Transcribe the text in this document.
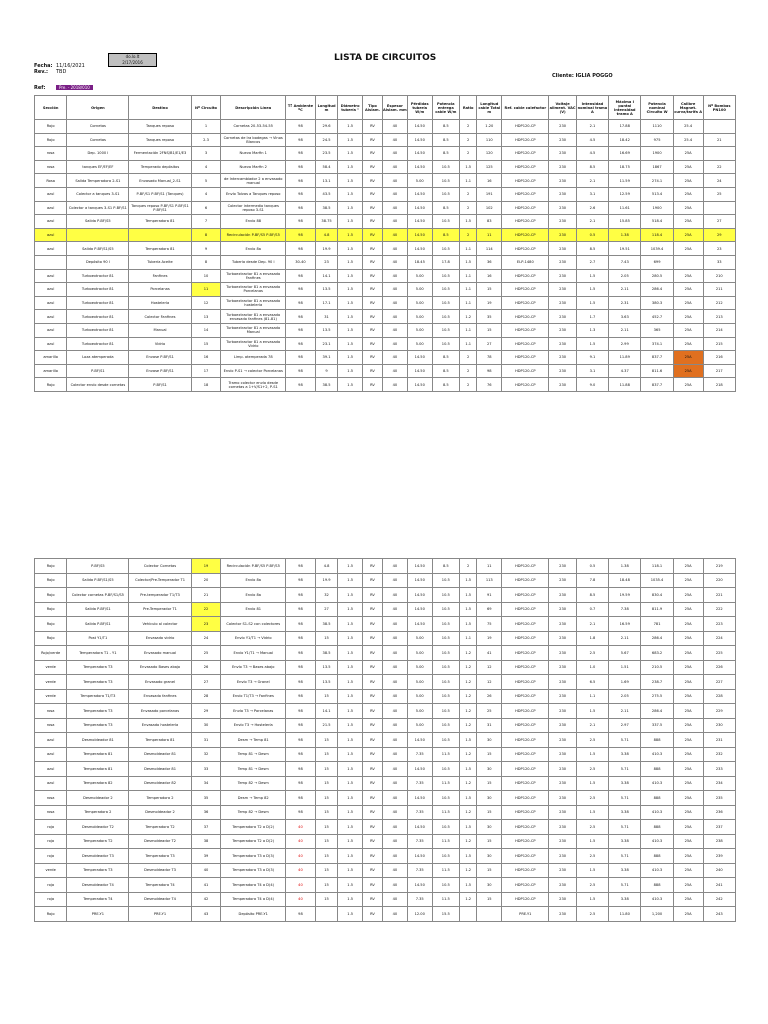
LISTA DE CIRCUITOS
do.lo.lt
2/17/2016
Fecha: 11/16/2021
Rev.: TBD
Cliente: IGLIA POGGO
Ref:	Pre. - 2018/010
Sección	Origen	Destino	Nº Circuito	Descripción Línea	Tª Ambiente ºC	Longitud m	Diámetro tubería "	Tipo Aislam.	Espesor Aislam. mm	Pérdidas tubería W/m	Potencia entrega cable W/m	Ratio	Longitud cable Total m	Ref. cable calefactor	Voltaje aliment. VAC (V)	Intensidad nominal tramo A	Máxima I puntal intensidad tramo A	Potencia nominal Circuito W	Calibre Magnet. curva/tarifa A	Nº Bombas PN100
Rojo	Cornetas	Tanques reposo	1	Cornetas 20-53-54-55	98	29.6	1.5	RV	40	14.50	8.5	2	1.20	HDP120-CP	230	2.1	17.88	1110	25.4	
Rojo	Cornetas	Tanques reposo	2.3	Cornetas de Ira bodegas → Vinos Blancos	98	24.5	1.5	RV	40	14.50	8.5	2	110	HDP120-CP	230	4.5	18.42	975	25.4	21
rosa	Dep. 1000 l	Fermentación 2FNS/B1/E1/E3	3	Nuevo Marfin 1	98	23.5	1.5	RV	40	14.50	8.5	2	120	HDP120-CP	230	4.5	16.69	1900	25A	
rosa	tanques EF/EF/EF	Temperado depósitos	4	Nuevo Marfin 2	98	58.4	1.5	RV	40	14.50	10.5	1.5	125	HDP120-CP	230	8.5	18.75	1867	25A	22
Rosa	Salida Temperadora 2-S1	Envasado Manual_2-S1	5	de Intercambiador 2 a envasado manual	98	13.1	1.5	RV	40	5.00	10.5	1.1	16	HDP120-CP	230	2.1	11.59	274.1	25A	24
azul	Colector a tanques 3-S1	P-BF/S1 P-BF/S1 (Tanques)	4	Envío Tolvas a Tanques reposo	98	43.5	1.5	RV	40	14.50	10.5	2	191	HDP120-CP	230	3.1	12.59	513.4	25A	25
azul	Colector a tanques 3-S1 P-BF/S1	Tanques reposo P-BF/S1 P-BF/S1 P-BF/S1	6	Colector intermedio tanques reposo 3-S1	98	38.5	1.5	RV	40	14.50	8.5	2	102	HDP120-CP	230	2.6	11.61	1900	25A	
azul	Salida P-BF/S5	Temperadora 81	7	Envío 88	98	38.75	1.5	RV	40	14.50	10.5	1.5	83	HDP120-CP	230	2.1	15.85	518.4	25A	27
azul			8	Recirculación P-BF/S5 P-BF/S5	98	4.8	1.5	RV	40	14.50	8.5	2	11	HDP120-CP	230	0.5	1.38	118.4	25A	29
azul	Salida P-BF/S1/S5	Temperadora 81	9	Envío 8a	98	19.9	1.5	RV	40	14.50	10.5	1.1	114	HDP120-CP	230	8.5	19.51	1039.4	25A	23
	Depósito 90 l	Tubería Aceite	8	Tubería desde Dep. 90 l	30-40	23	1.5	RV	40	18.45	17.8	1.5	36	ELP-1480	230	2.7	7.43	699		33
azul	Turboextractor 81	Fanfines	10	Turboextractor 81 a envasado Fanfines	98	14.1	1.5	RV	40	5.00	10.5	1.1	16	HDP120-CP	230	1.5	2.05	280.5	25A	210
azul	Turboextractor 81	Porcelanas	11	Turboextractor 81 a envasado Porcelanas	98	13.5	1.5	RV	40	5.00	10.5	1.1	15	HDP120-CP	230	1.5	2.11	286.4	25A	211
azul	Turboextractor 81	Hostelería	12	Turboextractor 81 a envasado hostelería	98	17.1	1.5	RV	40	5.00	10.5	1.1	19	HDP120-CP	230	1.5	2.31	380.3	25A	212
azul	Turboextractor 81	Colector Fanfines	13	Turboextractor 81 a envasado envasado fanfines (81-81)	98	31	1.5	RV	40	5.00	10.5	1.2	35	HDP120-CP	230	1.7	3.63	452.7	25A	213
azul	Turboextractor 81	Manual	14	Turboextractor 81 a envasado Manual	98	13.5	1.5	RV	40	5.00	10.5	1.1	15	HDP120-CP	230	1.3	2.11	365	25A	214
azul	Turboextractor 81	Vidrio	15	Turboextractor 81 a envasado Vidrio	98	23.1	1.5	RV	40	5.00	10.5	1.1	27	HDP120-CP	230	1.5	2.99	374.1	25A	215
amarillo	Loza atemperada	Envase P-BF/S1	16	Limp. atemperada 78	98	39.1	1.5	RV	40	14.50	8.5	2	78	HDP120-CP	230	9.1	11.89	837.7	25A	216
amarillo	P-BF/S1	Envase P-BF/S1	17	Envío P-S1 → colector Porcelanas	98	9	1.5	RV	40	14.50	8.5	2	98	HDP120-CP	230	3.1	4.37	811.6	25A	217
Rojo	Colector envío desde cornetas	P-BF/S1	18	Tramo colector envío desde cornetas a 1+V/S1+2, P-S1	98	38.5	1.5	RV	40	14.50	8.5	2	76	HDP120-CP	230	9.0	11.88	837.7	25A	218
Rojo	P-BF/S5	Colector Cornetas	19	Recirculación P-BF/S5 P-BF/S5	98	4.8	1.5	RV	40	14.50	8.5	2	11	HDP120-CP	230	0.5	1.38	118.1	25A	219
Rojo	Salida P-BF/S1/S5	Colector/Pre-Temperador T1	20	Envío 8a	98	19.9	1.5	RV	40	14.50	10.5	1.5	113	HDP120-CP	230	7.8	18.48	1035.4	25A	220
Rojo	Colector cornetas P-BF/S1/S5	Pre-temperador T1/T3	21	Envío 8a	98	32	1.5	RV	40	14.50	10.5	1.5	91	HDP120-CP	230	8.5	19.59	830.4	25A	221
Rojo	Salida P-BF/S1	Pre-Temperador T1	22	Envío 81	98	27	1.5	RV	40	14.50	10.5	1.5	69	HDP120-CP	230	0.7	7.38	811.9	25A	222
Rojo	Salida P-BF/S1	Vehículo al colector	23	Colector S1-S2 con colectores	98	38.5	1.5	RV	40	14.50	10.5	1.5	75	HDP120-CP	230	2.1	16.59	781	25A	223
Rojo	Post Y1/T1	Envasado vidrio	24	Envío Y1/T1 → Vidrio	98	15	1.5	RV	40	5.00	10.5	1.1	19	HDP120-CP	230	1.8	2.11	286.4	25A	224
Rojo/verde	Temperadora T1 - Y1	Envasado manual	25	Envío Y1/T1 → Manual	98	38.5	1.5	RV	40	5.00	10.5	1.2	41	HDP120-CP	230	2.5	5.67	683.2	25A	225
verde	Temperadora T3	Envasado Bases abajo	26	Envío T3 → Bases abajo	98	13.5	1.5	RV	40	5.00	10.5	1.2	12	HDP120-CP	230	1.0	1.51	210.5	25A	226
verde	Temperadora T3	Envasado granel	27	Envío T3 → Granel	98	13.5	1.5	RV	40	5.00	10.5	1.2	12	HDP120-CP	230	6.5	1.69	238.7	25A	227
verde	Temperadora T1/T3	Envasado fanfines	28	Envío T1/T3 → Fanfines	98	15	1.5	RV	40	5.00	10.5	1.2	26	HDP120-CP	230	1.1	2.05	275.5	25A	228
rosa	Temperadora T3	Envasado porcelanas	29	Envío T3 → Porcelanas	98	14.1	1.5	RV	40	5.00	10.5	1.2	25	HDP120-CP	230	1.5	2.11	286.4	25A	229
rosa	Temperadora T3	Envasado hostelería	30	Envío T3 → Hostelería	98	21.5	1.5	RV	40	5.00	10.5	1.2	31	HDP120-CP	230	2.1	2.97	337.5	25A	230
azul	Desmoldeador 81	Temperadora 81	31	Desm → Temp 81	98	15	1.5	RV	40	14.50	10.5	1.5	30	HDP120-CP	230	2.5	5.71	888	25A	231
azul	Temperadora 81	Desmoldeador 81	32	Temp 81 → Desm	98	15	1.5	RV	40	7.35	11.5	1.2	15	HDP120-CP	230	1.5	3.38	410.3	25A	232
azul	Temperadora 81	Desmoldeador 81	33	Temp 81 → Desm	98	15	1.5	RV	40	14.50	10.5	1.5	30	HDP120-CP	230	2.5	5.71	888	25A	233
azul	Temperadora 82	Desmoldeador 82	34	Temp 82 → Desm	98	15	1.5	RV	40	7.35	11.5	1.2	15	HDP120-CP	230	1.5	3.38	410.3	25A	234
rosa	Desmoldeador 2	Temperadora 2	35	Desm → Temp 82	98	15	1.5	RV	40	14.50	10.5	1.5	30	HDP120-CP	230	2.5	5.71	888	25A	235
rosa	Temperadora 2	Desmoldeador 2	36	Temp 82 → Desm	98	15	1.5	RV	40	7.35	11.5	1.2	15	HDP120-CP	230	1.5	3.38	410.3	25A	236
roja	Desmoldeador T2	Temperadora T2	37	Temperadora T2 a D(2)	40	15	1.5	RV	40	14.50	10.5	1.5	30	HDP120-CP	230	2.5	5.71	888	25A	237
roja	Temperadora T2	Desmoldeador T2	38	Temperadora T2 a D(2)	40	15	1.5	RV	40	7.35	11.5	1.2	15	HDP120-CP	230	1.5	3.38	410.3	25A	238
roja	Desmoldeador T3	Temperadora T3	39	Temperadora T3 a D(3)	40	15	1.5	RV	40	14.50	10.5	1.5	30	HDP120-CP	230	2.5	5.71	888	25A	239
verde	Temperadora T3	Desmoldeador T3	40	Temperadora T3 a D(3)	40	15	1.5	RV	40	7.35	11.5	1.2	15	HDP120-CP	230	1.5	3.38	410.3	25A	240
roja	Desmoldeador T4	Temperadora T4	41	Temperadora T4 a D(4)	40	15	1.5	RV	40	14.50	10.5	1.5	30	HDP120-CP	230	2.5	5.71	888	25A	241
roja	Temperadora T4	Desmoldeador T4	42	Temperadora T4 a D(4)	40	15	1.5	RV	40	7.35	11.5	1.2	15	HDP120-CP	230	1.5	3.38	410.3	25A	242
Rojo	PRE-Y1	PRE-Y1	43	Depósito PRE-Y1	98		1.5	RV	40	12.00	15.5			PRE-Y1	230	2.5	11.80	1,200	25A	243
